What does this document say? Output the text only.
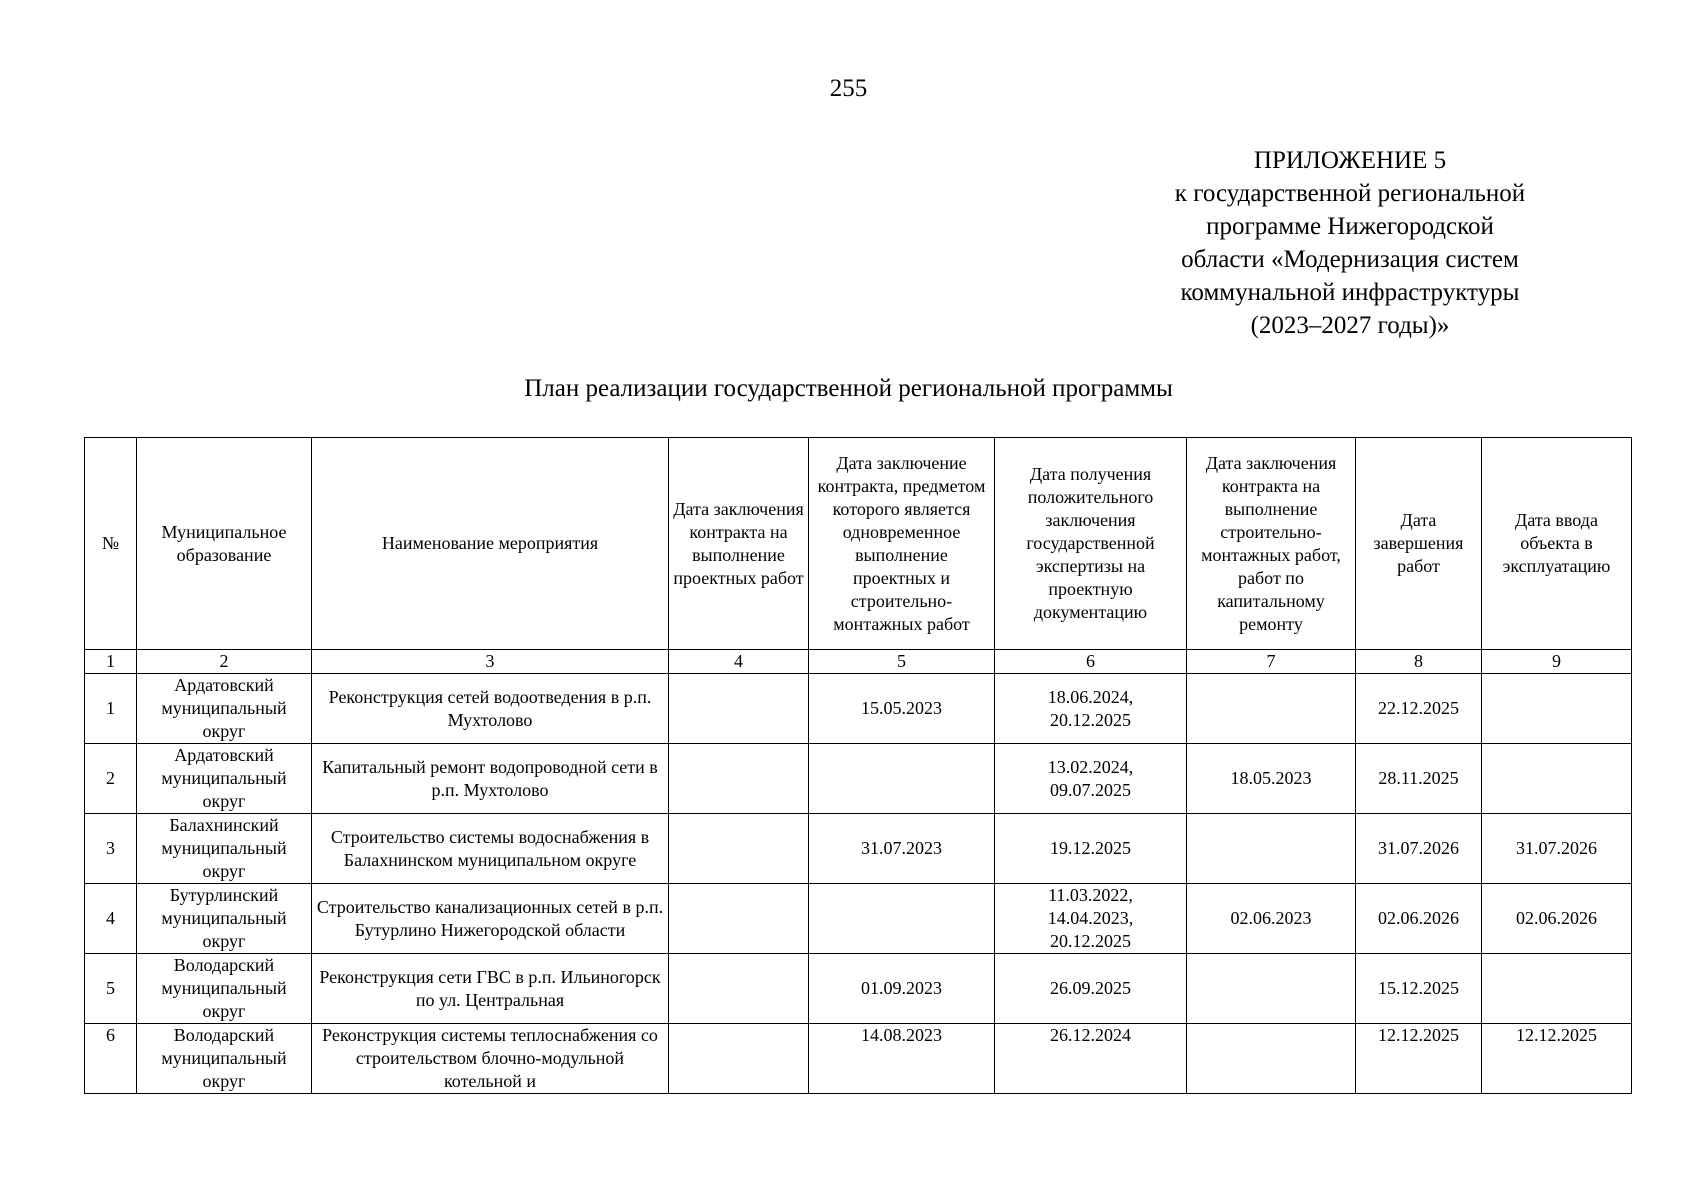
255
ПРИЛОЖЕНИЕ 5
к государственной региональной
программе Нижегородской
области «Модернизация систем
коммунальной инфраструктуры
(2023–2027 годы)»
План реализации государственной региональной программы
№	Муниципальное образование	Наименование мероприятия	Дата заключения контракта на выполнение проектных работ	Дата заключение контракта, предметом которого является одновременное выполнение проектных и строительно-монтажных работ	Дата получения положительного заключения государственной экспертизы на проектную документацию	Дата заключения контракта на выполнение строительно-монтажных работ, работ по капитальному ремонту	Дата завершения работ	Дата ввода объекта в эксплуатацию
1	2	3	4	5	6	7	8	9
1	Ардатовский муниципальный округ	Реконструкция сетей водоотведения в р.п. Мухтолово		15.05.2023	18.06.2024,
20.12.2025		22.12.2025	
2	Ардатовский муниципальный округ	Капитальный ремонт водопроводной сети в р.п. Мухтолово			13.02.2024,
09.07.2025	18.05.2023	28.11.2025	
3	Балахнинский муниципальный округ	Строительство системы водоснабжения в Балахнинском муниципальном округе		31.07.2023	19.12.2025		31.07.2026	31.07.2026
4	Бутурлинский муниципальный округ	Строительство канализационных сетей в р.п. Бутурлино Нижегородской области			11.03.2022,
14.04.2023,
20.12.2025	02.06.2023	02.06.2026	02.06.2026
5	Володарский муниципальный округ	Реконструкция сети ГВС в р.п. Ильиногорск по ул. Центральная		01.09.2023	26.09.2025		15.12.2025	
6	Володарский муниципальный округ	Реконструкция системы теплоснабжения со строительством блочно-модульной котельной и		14.08.2023	26.12.2024		12.12.2025	12.12.2025
